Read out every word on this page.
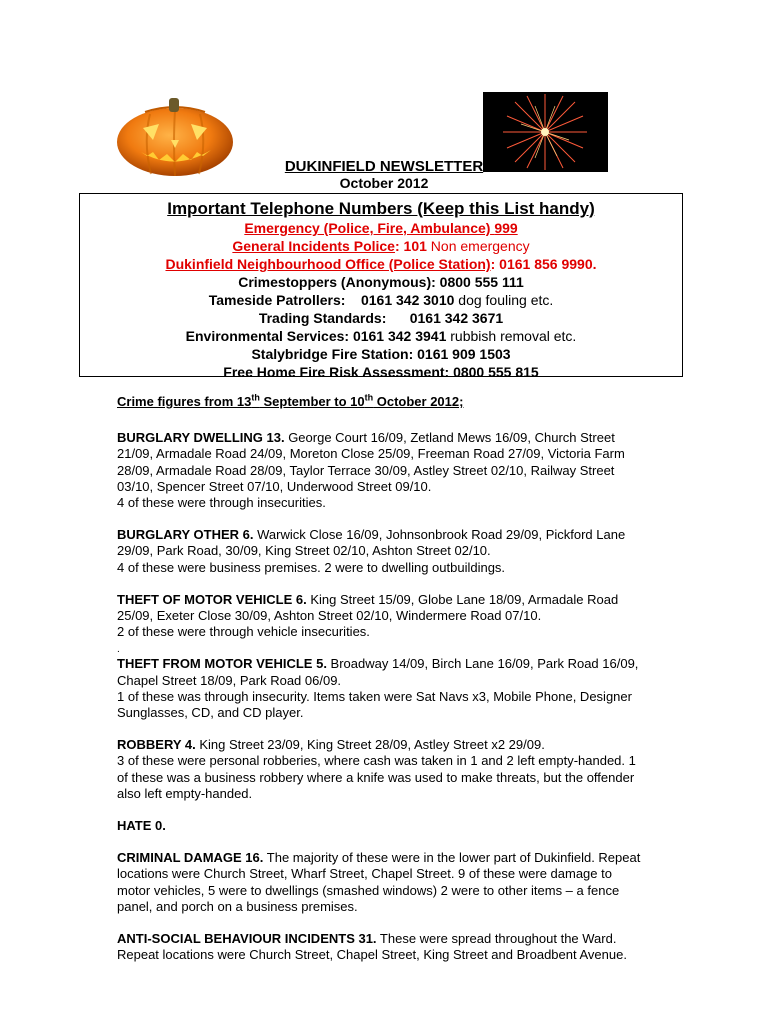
DUKINFIELD NEWSLETTER
October 2012
Important Telephone Numbers (Keep this List handy)
Emergency (Police, Fire, Ambulance) 999
General Incidents Police: 101 Non emergency
Dukinfield Neighbourhood Office (Police Station): 0161 856 9990.
Crimestoppers (Anonymous): 0800 555 111
Tameside Patrollers: 0161 342 3010 dog fouling etc.
Trading Standards: 0161 342 3671
Environmental Services: 0161 342 3941 rubbish removal etc.
Stalybridge Fire Station: 0161 909 1503
Free Home Fire Risk Assessment: 0800 555 815

Crime figures from 13th September to 10th October 2012;

BURGLARY DWELLING 13. George Court 16/09, Zetland Mews 16/09, Church Street 21/09, Armadale Road 24/09, Moreton Close 25/09, Freeman Road 27/09, Victoria Farm 28/09, Armadale Road 28/09, Taylor Terrace 30/09, Astley Street 02/10, Railway Street 03/10, Spencer Street 07/10, Underwood Street 09/10.
4 of these were through insecurities.

BURGLARY OTHER 6. Warwick Close 16/09, Johnsonbrook Road 29/09, Pickford Lane 29/09, Park Road, 30/09, King Street 02/10, Ashton Street 02/10.
4 of these were business premises. 2 were to dwelling outbuildings.

THEFT OF MOTOR VEHICLE 6. King Street 15/09, Globe Lane 18/09, Armadale Road 25/09, Exeter Close 30/09, Ashton Street 02/10, Windermere Road 07/10.
2 of these were through vehicle insecurities.

.

THEFT FROM MOTOR VEHICLE 5. Broadway 14/09, Birch Lane 16/09, Park Road 16/09, Chapel Street 18/09, Park Road 06/09.
1 of these was through insecurity. Items taken were Sat Navs x3, Mobile Phone, Designer Sunglasses, CD, and CD player.

ROBBERY 4. King Street 23/09, King Street 28/09, Astley Street x2 29/09.
3 of these were personal robberies, where cash was taken in 1 and 2 left empty-handed. 1 of these was a business robbery where a knife was used to make threats, but the offender also left empty-handed.

HATE 0.

CRIMINAL DAMAGE 16. The majority of these were in the lower part of Dukinfield. Repeat locations were Church Street, Wharf Street, Chapel Street. 9 of these were damage to motor vehicles, 5 were to dwellings (smashed windows) 2 were to other items – a fence panel, and porch on a business premises.

ANTI-SOCIAL BEHAVIOUR INCIDENTS 31. These were spread throughout the Ward. Repeat locations were Church Street, Chapel Street, King Street and Broadbent Avenue.
